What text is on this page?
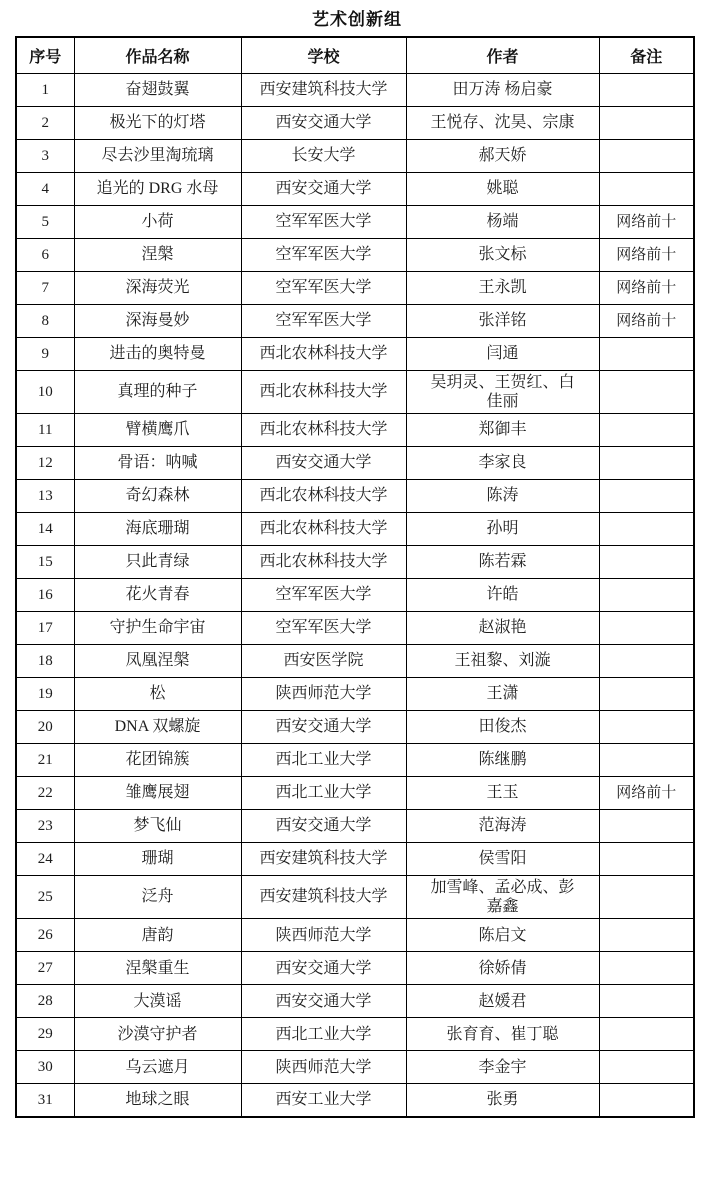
艺术创新组
序号	作品名称	学校	作者	备注
1	奋翅鼓翼	西安建筑科技大学	田万涛 杨启豪	
2	极光下的灯塔	西安交通大学	王悦存、沈昊、宗康	
3	尽去沙里淘琉璃	长安大学	郝天娇	
4	追光的 DRG 水母	西安交通大学	姚聪	
5	小荷	空军军医大学	杨端	网络前十
6	涅槃	空军军医大学	张文标	网络前十
7	深海荧光	空军军医大学	王永凯	网络前十
8	深海曼妙	空军军医大学	张洋铭	网络前十
9	进击的奥特曼	西北农林科技大学	闫通	
10	真理的种子	西北农林科技大学	吴玥灵、王贺红、白佳丽	
11	臂横鹰爪	西北农林科技大学	郑御丰	
12	骨语：呐喊	西安交通大学	李家良	
13	奇幻森林	西北农林科技大学	陈涛	
14	海底珊瑚	西北农林科技大学	孙明	
15	只此青绿	西北农林科技大学	陈若霖	
16	花火青春	空军军医大学	许皓	
17	守护生命宇宙	空军军医大学	赵淑艳	
18	凤凰涅槃	西安医学院	王祖黎、刘漩	
19	松	陕西师范大学	王潇	
20	DNA 双螺旋	西安交通大学	田俊杰	
21	花团锦簇	西北工业大学	陈继鹏	
22	雏鹰展翅	西北工业大学	王玉	网络前十
23	梦飞仙	西安交通大学	范海涛	
24	珊瑚	西安建筑科技大学	侯雪阳	
25	泛舟	西安建筑科技大学	加雪峰、孟必成、彭嘉鑫	
26	唐韵	陕西师范大学	陈启文	
27	涅槃重生	西安交通大学	徐娇倩	
28	大漠谣	西安交通大学	赵媛君	
29	沙漠守护者	西北工业大学	张育育、崔丁聪	
30	乌云遮月	陕西师范大学	李金宇	
31	地球之眼	西安工业大学	张勇	
